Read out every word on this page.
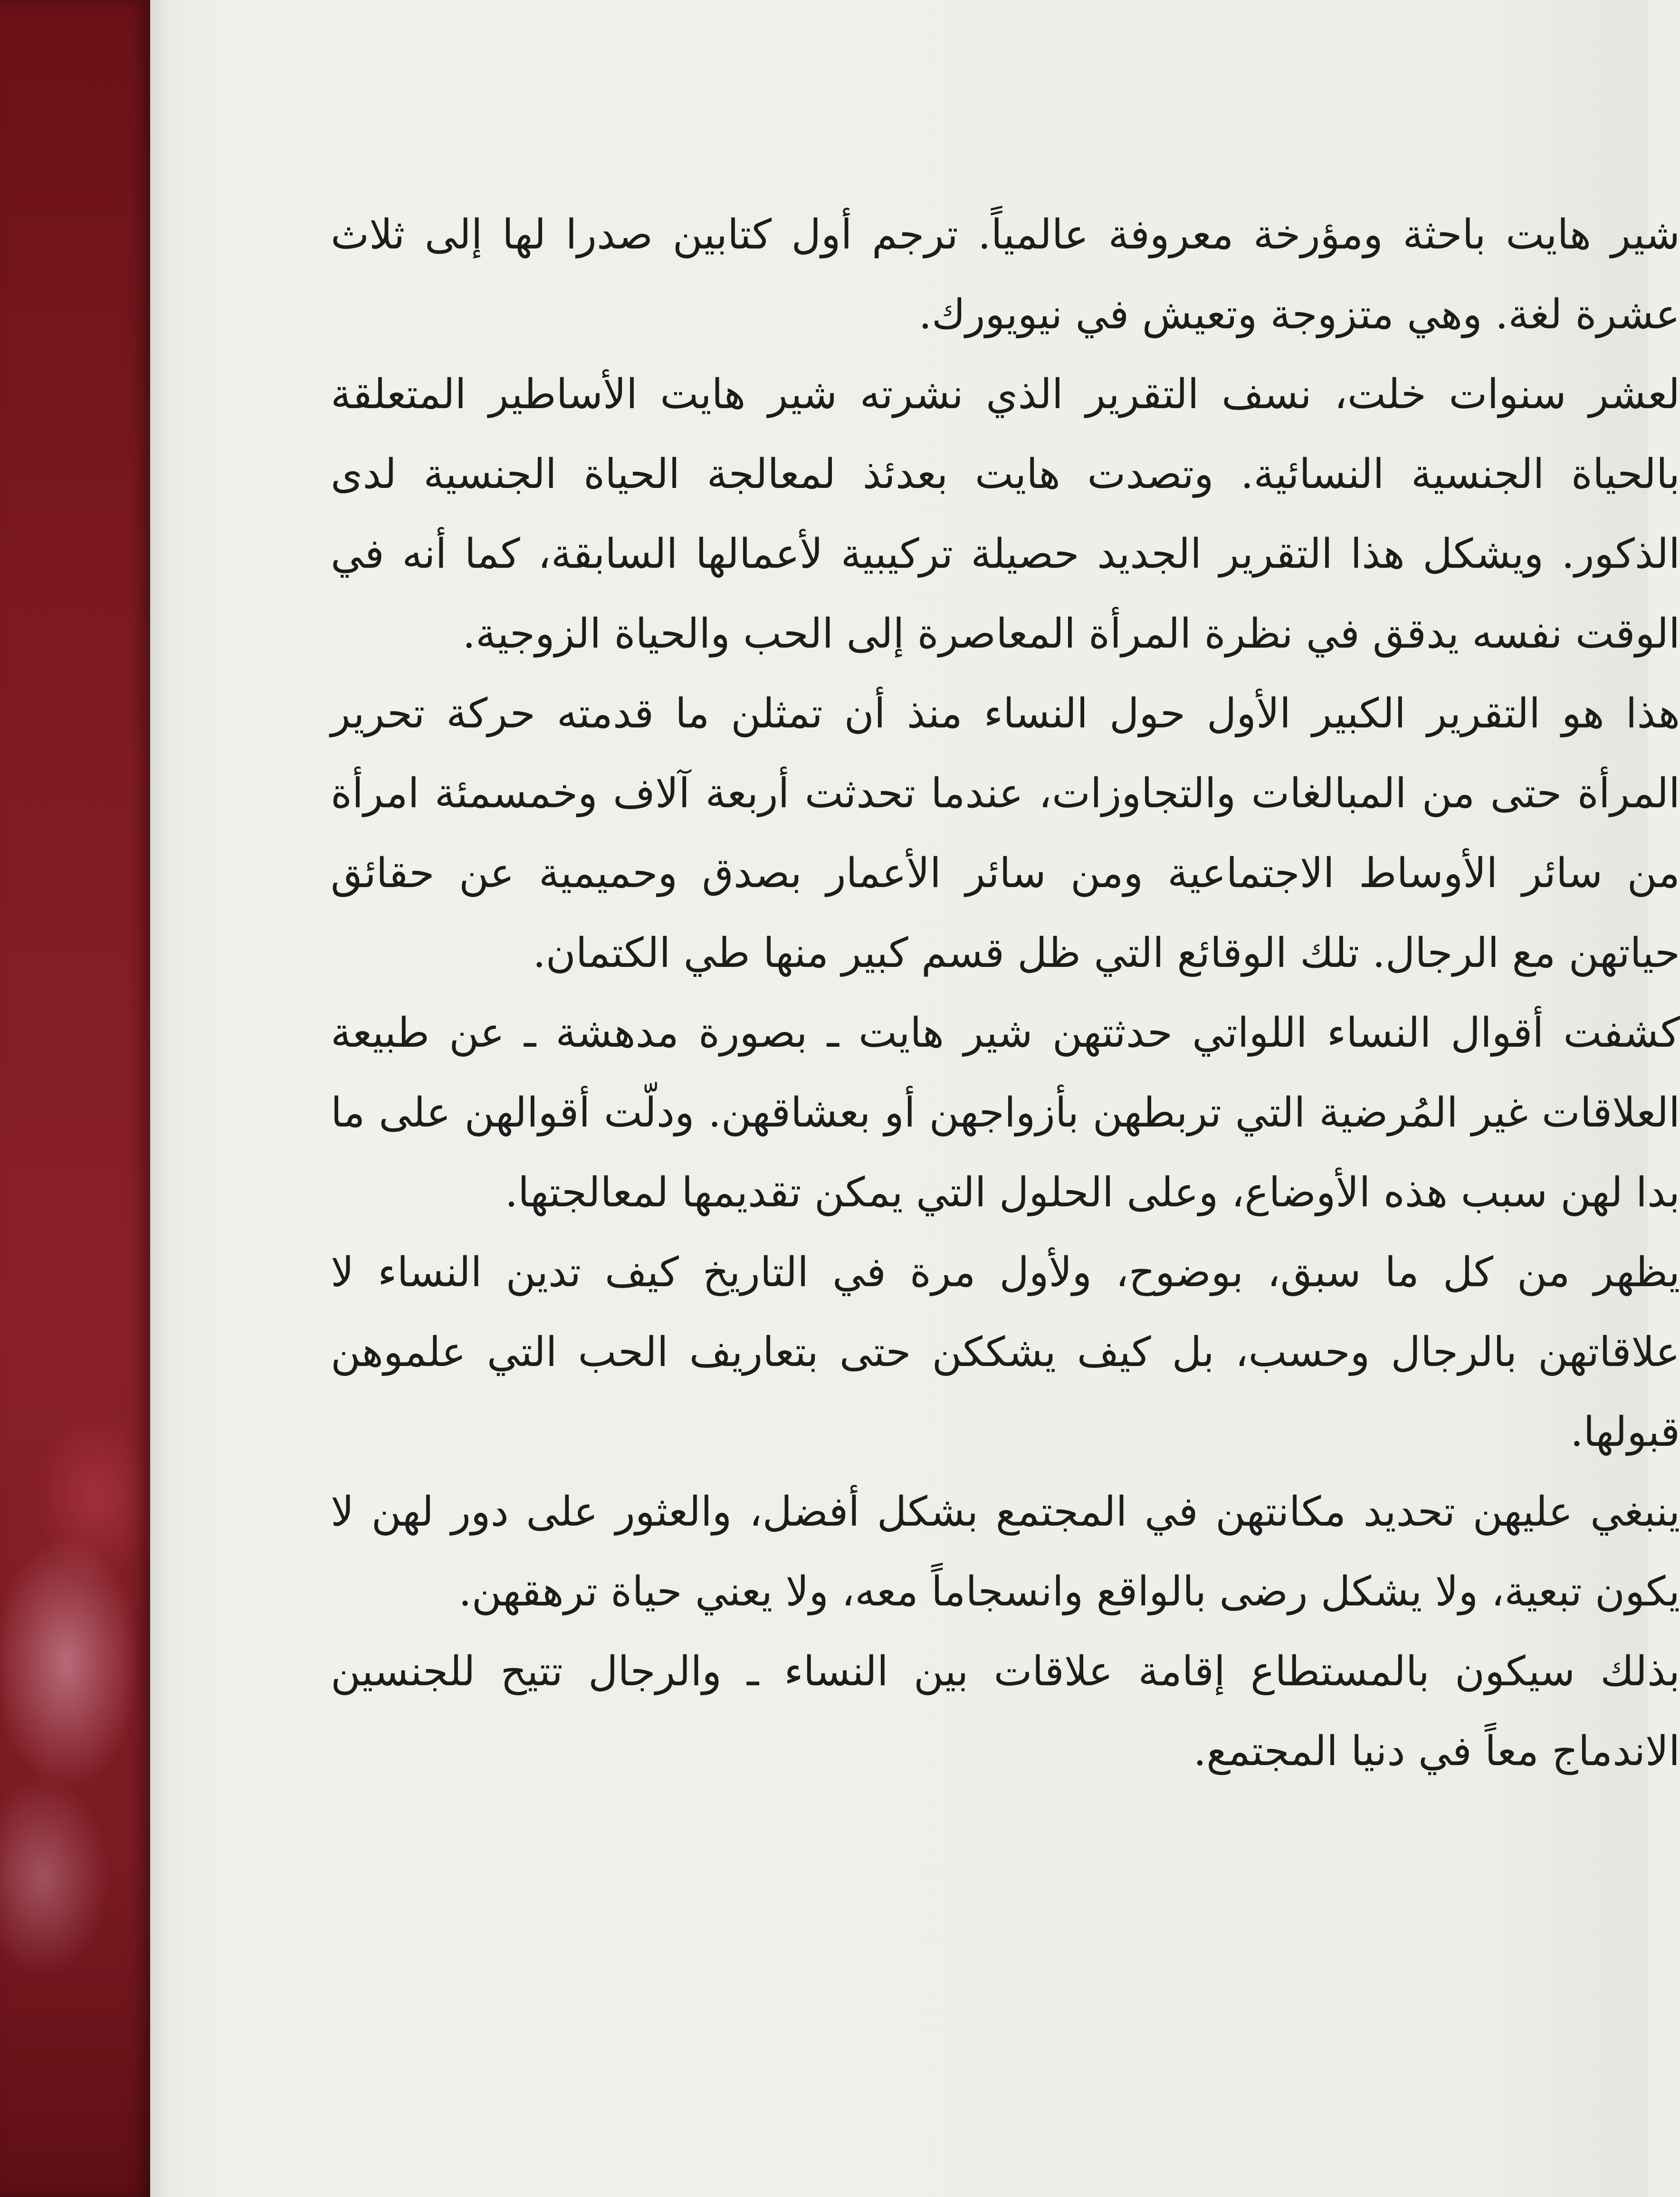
شير هايت باحثة ومؤرخة معروفة عالمياً. ترجم أول كتابين صدرا لها إلى ثلاث عشرة لغة. وهي متزوجة وتعيش في نيويورك.

لعشر سنوات خلت، نسف التقرير الذي نشرته شير هايت الأساطير المتعلقة بالحياة الجنسية النسائية. وتصدت هايت بعدئذ لمعالجة الحياة الجنسية لدى الذكور. ويشكل هذا التقرير الجديد حصيلة تركيبية لأعمالها السابقة، كما أنه في الوقت نفسه يدقق في نظرة المرأة المعاصرة إلى الحب والحياة الزوجية.

هذا هو التقرير الكبير الأول حول النساء منذ أن تمثلن ما قدمته حركة تحرير المرأة حتى من المبالغات والتجاوزات، عندما تحدثت أربعة آلاف وخمسمئة امرأة من سائر الأوساط الاجتماعية ومن سائر الأعمار بصدق وحميمية عن حقائق حياتهن مع الرجال. تلك الوقائع التي ظل قسم كبير منها طي الكتمان.

كشفت أقوال النساء اللواتي حدثتهن شير هايت ـ بصورة مدهشة ـ عن طبيعة العلاقات غير المُرضية التي تربطهن بأزواجهن أو بعشاقهن. ودلّت أقوالهن على ما بدا لهن سبب هذه الأوضاع، وعلى الحلول التي يمكن تقديمها لمعالجتها.

يظهر من كل ما سبق، بوضوح، ولأول مرة في التاريخ كيف تدين النساء لا علاقاتهن بالرجال وحسب، بل كيف يشككن حتى بتعاريف الحب التي علموهن قبولها.

ينبغي عليهن تحديد مكانتهن في المجتمع بشكل أفضل، والعثور على دور لهن لا يكون تبعية، ولا يشكل رضى بالواقع وانسجاماً معه، ولا يعني حياة ترهقهن.

بذلك سيكون بالمستطاع إقامة علاقات بين النساء ـ والرجال تتيح للجنسين الاندماج معاً في دنيا المجتمع.
